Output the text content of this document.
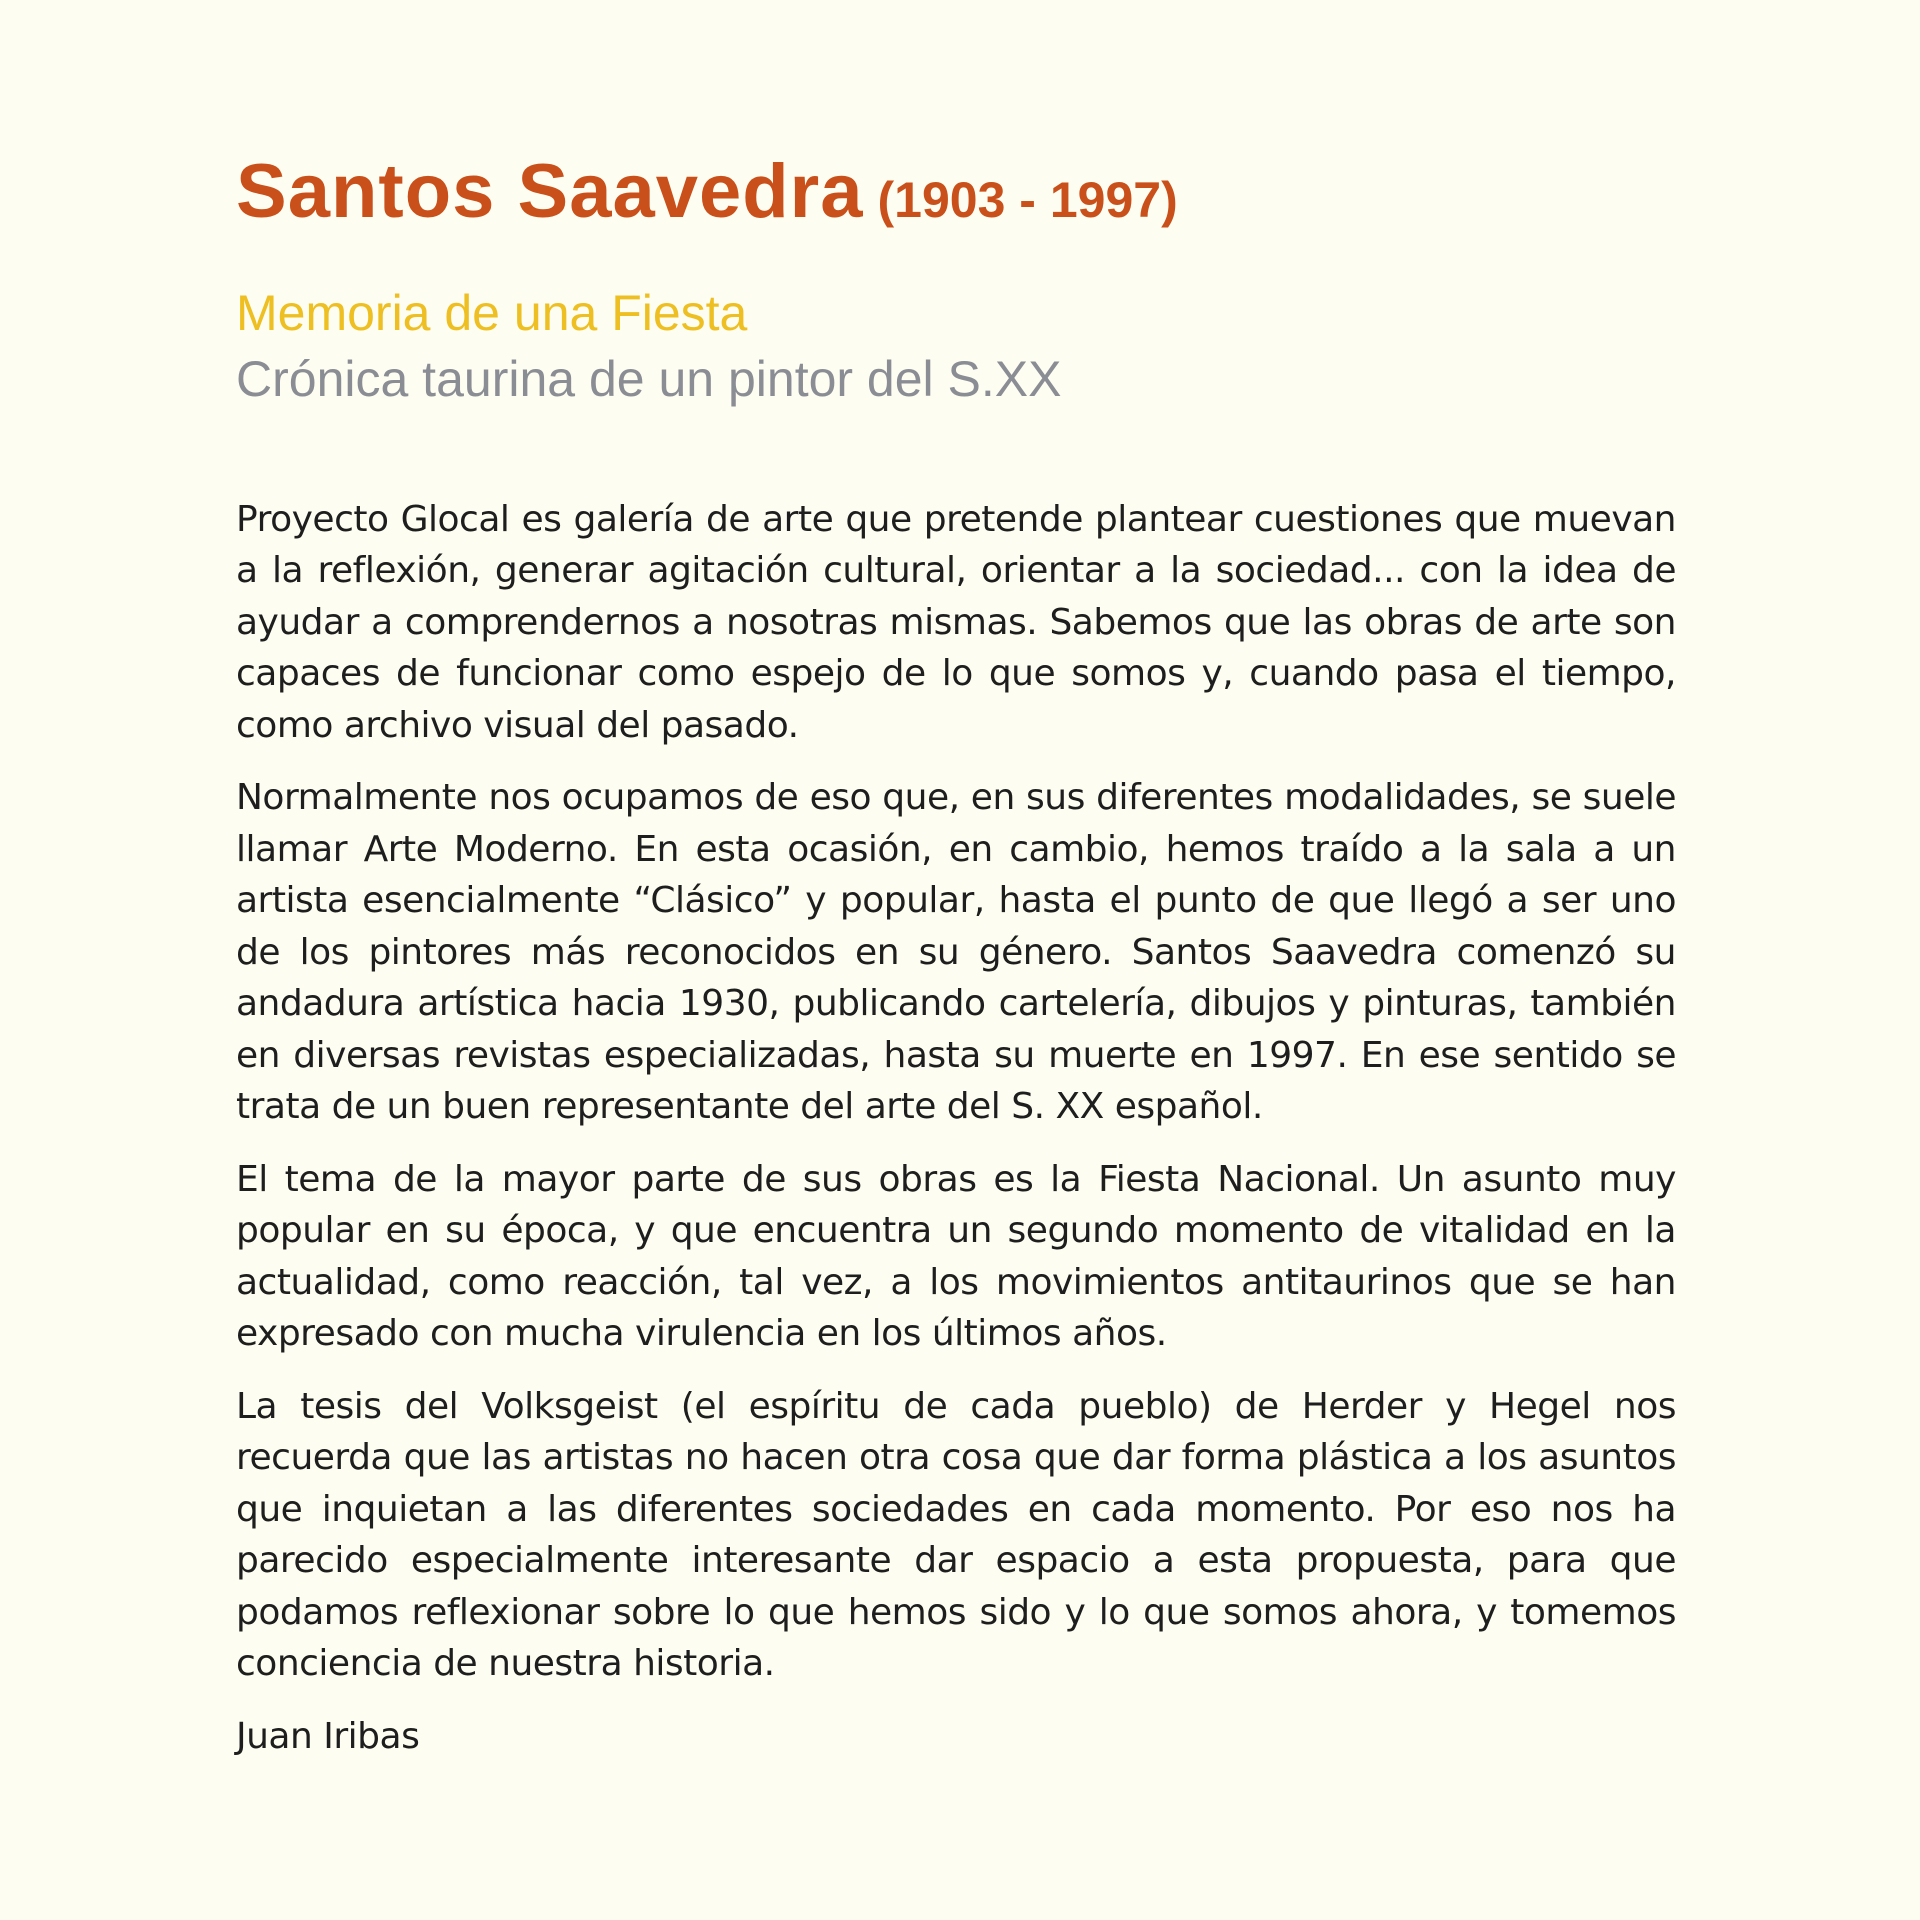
Santos Saavedra (1903 - 1997)

Memoria de una Fiesta

Crónica taurina de un pintor del S.XX

Proyecto Glocal es galería de arte que pretende plantear cuestiones que muevan a la reflexión, generar agitación cultural, orientar a la sociedad... con la idea de ayudar a comprendernos a nosotras mismas. Sabemos que las obras de arte son capaces de funcionar como espejo de lo que somos y, cuando pasa el tiempo, como archivo visual del pasado.

Normalmente nos ocupamos de eso que, en sus diferentes modalidades, se suele llamar Arte Moderno. En esta ocasión, en cambio, hemos traído a la sala a un artista esencialmente “Clásico” y popular, hasta el punto de que llegó a ser uno de los pintores más reconocidos en su género. Santos Saavedra comenzó su andadura artística hacia 1930, publicando cartelería, dibujos y pinturas, también en diversas revistas especializadas, hasta su muerte en 1997. En ese sentido se trata de un buen representante del arte del S. XX español.

El tema de la mayor parte de sus obras es la Fiesta Nacional. Un asunto muy popular en su época, y que encuentra un segundo momento de vitalidad en la actualidad, como reacción, tal vez, a los movimientos antitaurinos que se han expresado con mucha virulencia en los últimos años.

La tesis del Volksgeist (el espíritu de cada pueblo) de Herder y Hegel nos recuerda que las artistas no hacen otra cosa que dar forma plástica a los asuntos que inquietan a las diferentes sociedades en cada momento. Por eso nos ha parecido especialmente interesante dar espacio a esta propuesta, para que podamos reflexionar sobre lo que hemos sido y lo que somos ahora, y tomemos conciencia de nuestra historia.

Juan Iribas
